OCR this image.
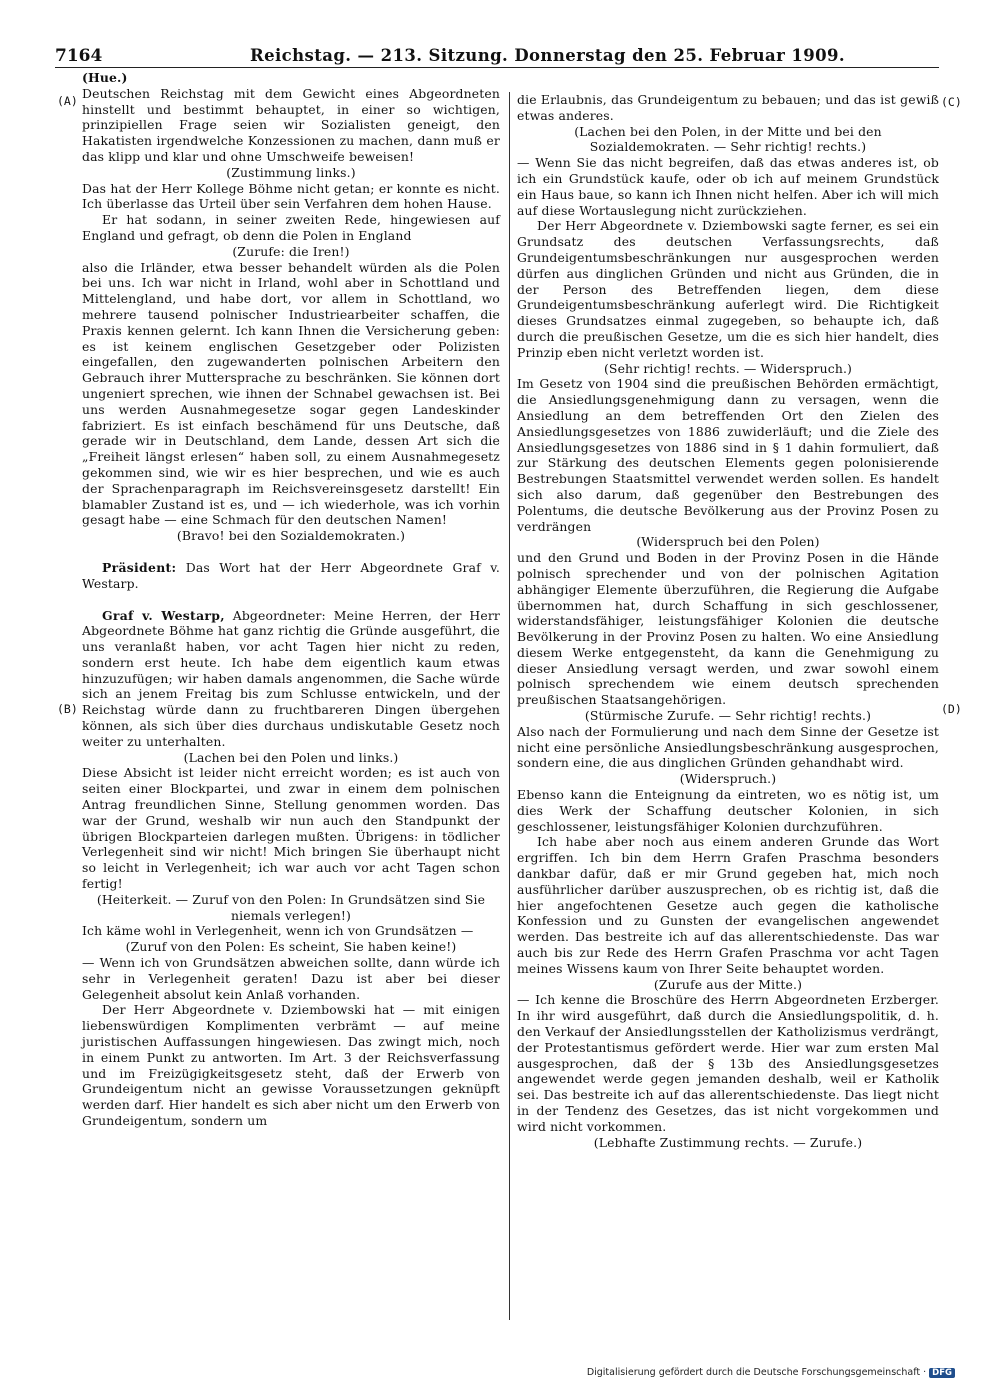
7164	Reichstag. — 213. Sitzung. Donnerstag den 25. Februar 1909.
(A)
(B)
(C)
(D)

(Hue.)

Deutschen Reichstag mit dem Gewicht eines Abgeordneten hinstellt und bestimmt behauptet, in einer so wichtigen, prinzipiellen Frage seien wir Sozialisten geneigt, den Hakatisten irgendwelche Konzessionen zu machen, dann muß er das klipp und klar und ohne Umschweife beweisen!

(Zustimmung links.)

Das hat der Herr Kollege Böhme nicht getan; er konnte es nicht. Ich überlasse das Urteil über sein Verfahren dem hohen Hause.

Er hat sodann, in seiner zweiten Rede, hingewiesen auf England und gefragt, ob denn die Polen in England

(Zurufe: die Iren!)

also die Irländer, etwa besser behandelt würden als die Polen bei uns. Ich war nicht in Irland, wohl aber in Schottland und Mittelengland, und habe dort, vor allem in Schottland, wo mehrere tausend polnischer Industriearbeiter schaffen, die Praxis kennen gelernt. Ich kann Ihnen die Versicherung geben: es ist keinem englischen Gesetzgeber oder Polizisten eingefallen, den zugewanderten polnischen Arbeitern den Gebrauch ihrer Muttersprache zu beschränken. Sie können dort ungeniert sprechen, wie ihnen der Schnabel gewachsen ist. Bei uns werden Ausnahmegesetze sogar gegen Landeskinder fabriziert. Es ist einfach beschämend für uns Deutsche, daß gerade wir in Deutschland, dem Lande, dessen Art sich die „Freiheit längst erlesen“ haben soll, zu einem Ausnahmegesetz gekommen sind, wie wir es hier besprechen, und wie es auch der Sprachenparagraph im Reichsvereinsgesetz darstellt! Ein blamabler Zustand ist es, und — ich wiederhole, was ich vorhin gesagt habe — eine Schmach für den deutschen Namen!

(Bravo! bei den Sozialdemokraten.)

Präsident: Das Wort hat der Herr Abgeordnete Graf v. Westarp.

Graf v. Westarp, Abgeordneter: Meine Herren, der Herr Abgeordnete Böhme hat ganz richtig die Gründe ausgeführt, die uns veranlaßt haben, vor acht Tagen hier nicht zu reden, sondern erst heute. Ich habe dem eigentlich kaum etwas hinzuzufügen; wir haben damals angenommen, die Sache würde sich an jenem Freitag bis zum Schlusse entwickeln, und der Reichstag würde dann zu fruchtbareren Dingen übergehen können, als sich über dies durchaus undiskutable Gesetz noch weiter zu unterhalten.

(Lachen bei den Polen und links.)

Diese Absicht ist leider nicht erreicht worden; es ist auch von seiten einer Blockpartei, und zwar in einem dem polnischen Antrag freundlichen Sinne, Stellung genommen worden. Das war der Grund, weshalb wir nun auch den Standpunkt der übrigen Blockparteien darlegen mußten. Übrigens: in tödlicher Verlegenheit sind wir nicht! Mich bringen Sie überhaupt nicht so leicht in Verlegenheit; ich war auch vor acht Tagen schon fertig!

(Heiterkeit. — Zuruf von den Polen: In Grundsätzen sind Sie niemals verlegen!)

Ich käme wohl in Verlegenheit, wenn ich von Grundsätzen —

(Zuruf von den Polen: Es scheint, Sie haben keine!)

— Wenn ich von Grundsätzen abweichen sollte, dann würde ich sehr in Verlegenheit geraten! Dazu ist aber bei dieser Gelegenheit absolut kein Anlaß vorhanden.

Der Herr Abgeordnete v. Dziembowski hat — mit einigen liebenswürdigen Komplimenten verbrämt — auf meine juristischen Auffassungen hingewiesen. Das zwingt mich, noch in einem Punkt zu antworten. Im Art. 3 der Reichsverfassung und im Freizügigkeitsgesetz steht, daß der Erwerb von Grundeigentum nicht an gewisse Voraussetzungen geknüpft werden darf. Hier handelt es sich aber nicht um den Erwerb von Grundeigentum, sondern um

die Erlaubnis, das Grundeigentum zu bebauen; und das ist gewiß etwas anderes.

(Lachen bei den Polen, in der Mitte und bei den Sozialdemokraten. — Sehr richtig! rechts.)

— Wenn Sie das nicht begreifen, daß das etwas anderes ist, ob ich ein Grundstück kaufe, oder ob ich auf meinem Grundstück ein Haus baue, so kann ich Ihnen nicht helfen. Aber ich will mich auf diese Wortauslegung nicht zurückziehen.

Der Herr Abgeordnete v. Dziembowski sagte ferner, es sei ein Grundsatz des deutschen Verfassungsrechts, daß Grundeigentumsbeschränkungen nur ausgesprochen werden dürfen aus dinglichen Gründen und nicht aus Gründen, die in der Person des Betreffenden liegen, dem diese Grundeigentumsbeschränkung auferlegt wird. Die Richtigkeit dieses Grundsatzes einmal zugegeben, so behaupte ich, daß durch die preußischen Gesetze, um die es sich hier handelt, dies Prinzip eben nicht verletzt worden ist.

(Sehr richtig! rechts. — Widerspruch.)

Im Gesetz von 1904 sind die preußischen Behörden ermächtigt, die Ansiedlungsgenehmigung dann zu versagen, wenn die Ansiedlung an dem betreffenden Ort den Zielen des Ansiedlungsgesetzes von 1886 zuwiderläuft; und die Ziele des Ansiedlungsgesetzes von 1886 sind in § 1 dahin formuliert, daß zur Stärkung des deutschen Elements gegen polonisierende Bestrebungen Staatsmittel verwendet werden sollen. Es handelt sich also darum, daß gegenüber den Bestrebungen des Polentums, die deutsche Bevölkerung aus der Provinz Posen zu verdrängen

(Widerspruch bei den Polen)

und den Grund und Boden in der Provinz Posen in die Hände polnisch sprechender und von der polnischen Agitation abhängiger Elemente überzuführen, die Regierung die Aufgabe übernommen hat, durch Schaffung in sich geschlossener, widerstandsfähiger, leistungsfähiger Kolonien die deutsche Bevölkerung in der Provinz Posen zu halten. Wo eine Ansiedlung diesem Werke entgegensteht, da kann die Genehmigung zu dieser Ansiedlung versagt werden, und zwar sowohl einem polnisch sprechendem wie einem deutsch sprechenden preußischen Staatsangehörigen.

(Stürmische Zurufe. — Sehr richtig! rechts.)

Also nach der Formulierung und nach dem Sinne der Gesetze ist nicht eine persönliche Ansiedlungsbeschränkung ausgesprochen, sondern eine, die aus dinglichen Gründen gehandhabt wird.

(Widerspruch.)

Ebenso kann die Enteignung da eintreten, wo es nötig ist, um dies Werk der Schaffung deutscher Kolonien, in sich geschlossener, leistungsfähiger Kolonien durchzuführen.

Ich habe aber noch aus einem anderen Grunde das Wort ergriffen. Ich bin dem Herrn Grafen Praschma besonders dankbar dafür, daß er mir Grund gegeben hat, mich noch ausführlicher darüber auszusprechen, ob es richtig ist, daß die hier angefochtenen Gesetze auch gegen die katholische Konfession und zu Gunsten der evangelischen angewendet werden. Das bestreite ich auf das allerentschiedenste. Das war auch bis zur Rede des Herrn Grafen Praschma vor acht Tagen meines Wissens kaum von Ihrer Seite behauptet worden.

(Zurufe aus der Mitte.)

— Ich kenne die Broschüre des Herrn Abgeordneten Erzberger. In ihr wird ausgeführt, daß durch die Ansiedlungspolitik, d. h. den Verkauf der Ansiedlungsstellen der Katholizismus verdrängt, der Protestantismus gefördert werde. Hier war zum ersten Mal ausgesprochen, daß der § 13b des Ansiedlungsgesetzes angewendet werde gegen jemanden deshalb, weil er Katholik sei. Das bestreite ich auf das allerentschiedenste. Das liegt nicht in der Tendenz des Gesetzes, das ist nicht vorgekommen und wird nicht vorkommen.

(Lebhafte Zustimmung rechts. — Zurufe.)

Digitalisierung gefördert durch die Deutsche Forschungsgemeinschaft · DFG
